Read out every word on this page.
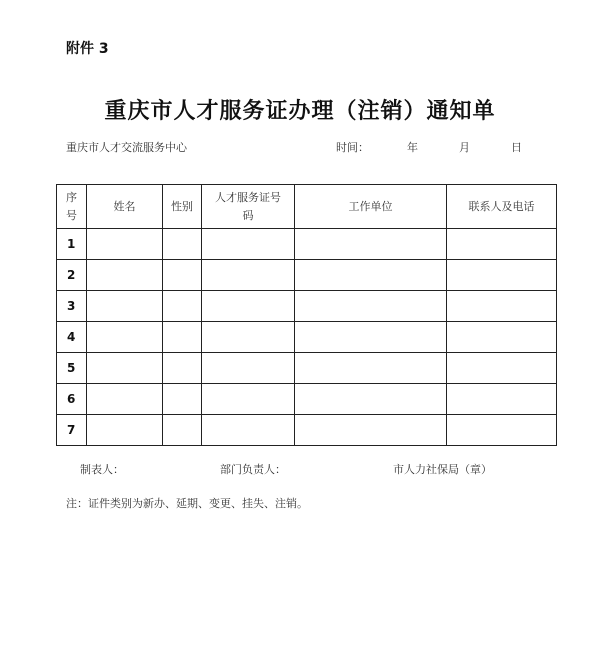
附件 3
重庆市人才服务证办理（注销）通知单
重庆市人才交流服务中心	时间：	年	月	日
序号	姓名	性别	人才服务证号码	工作单位	联系人及电话
1					
2					
3					
4					
5					
6					
7					
制表人：	部门负责人：	市人力社保局（章）
注：证件类别为新办、延期、变更、挂失、注销。
